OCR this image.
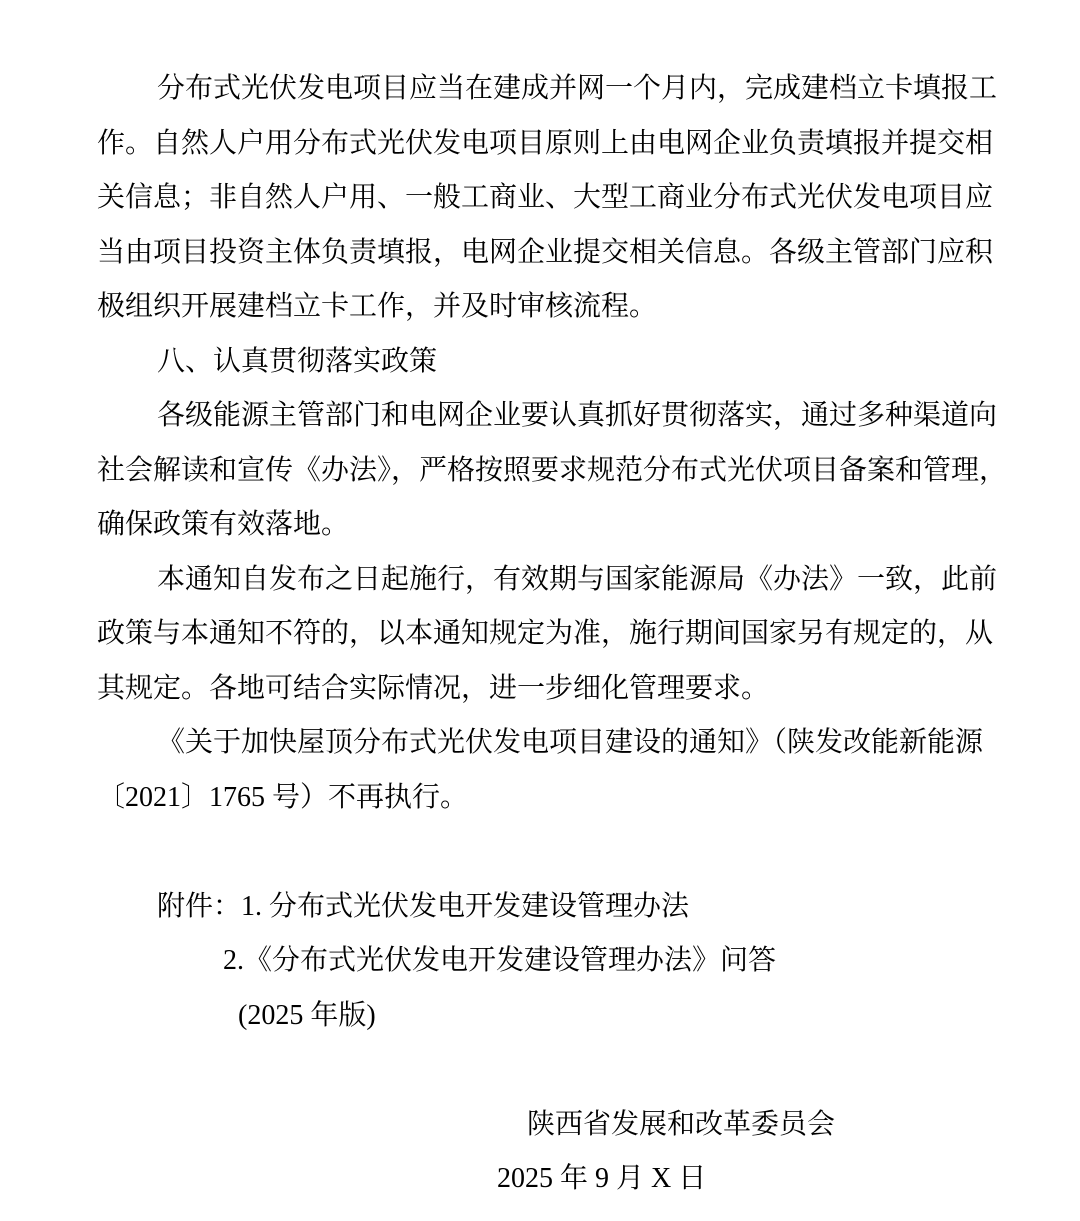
分布式光伏发电项目应当在建成并网一个月内，完成建档立卡填报工
作。自然人户用分布式光伏发电项目原则上由电网企业负责填报并提交相
关信息；非自然人户用、一般工商业、大型工商业分布式光伏发电项目应
当由项目投资主体负责填报，电网企业提交相关信息。各级主管部门应积
极组织开展建档立卡工作，并及时审核流程。
八、认真贯彻落实政策
各级能源主管部门和电网企业要认真抓好贯彻落实，通过多种渠道向
社会解读和宣传《办法》，严格按照要求规范分布式光伏项目备案和管理，
确保政策有效落地。
本通知自发布之日起施行，有效期与国家能源局《办法》一致，此前
政策与本通知不符的，以本通知规定为准，施行期间国家另有规定的，从
其规定。各地可结合实际情况，进一步细化管理要求。
《关于加快屋顶分布式光伏发电项目建设的通知》（陕发改能新能源
〔2021〕1765 号）不再执行。
附件：1. 分布式光伏发电开发建设管理办法
2.《分布式光伏发电开发建设管理办法》问答
(2025 年版)
陕西省发展和改革委员会
2025 年 9 月 X 日
